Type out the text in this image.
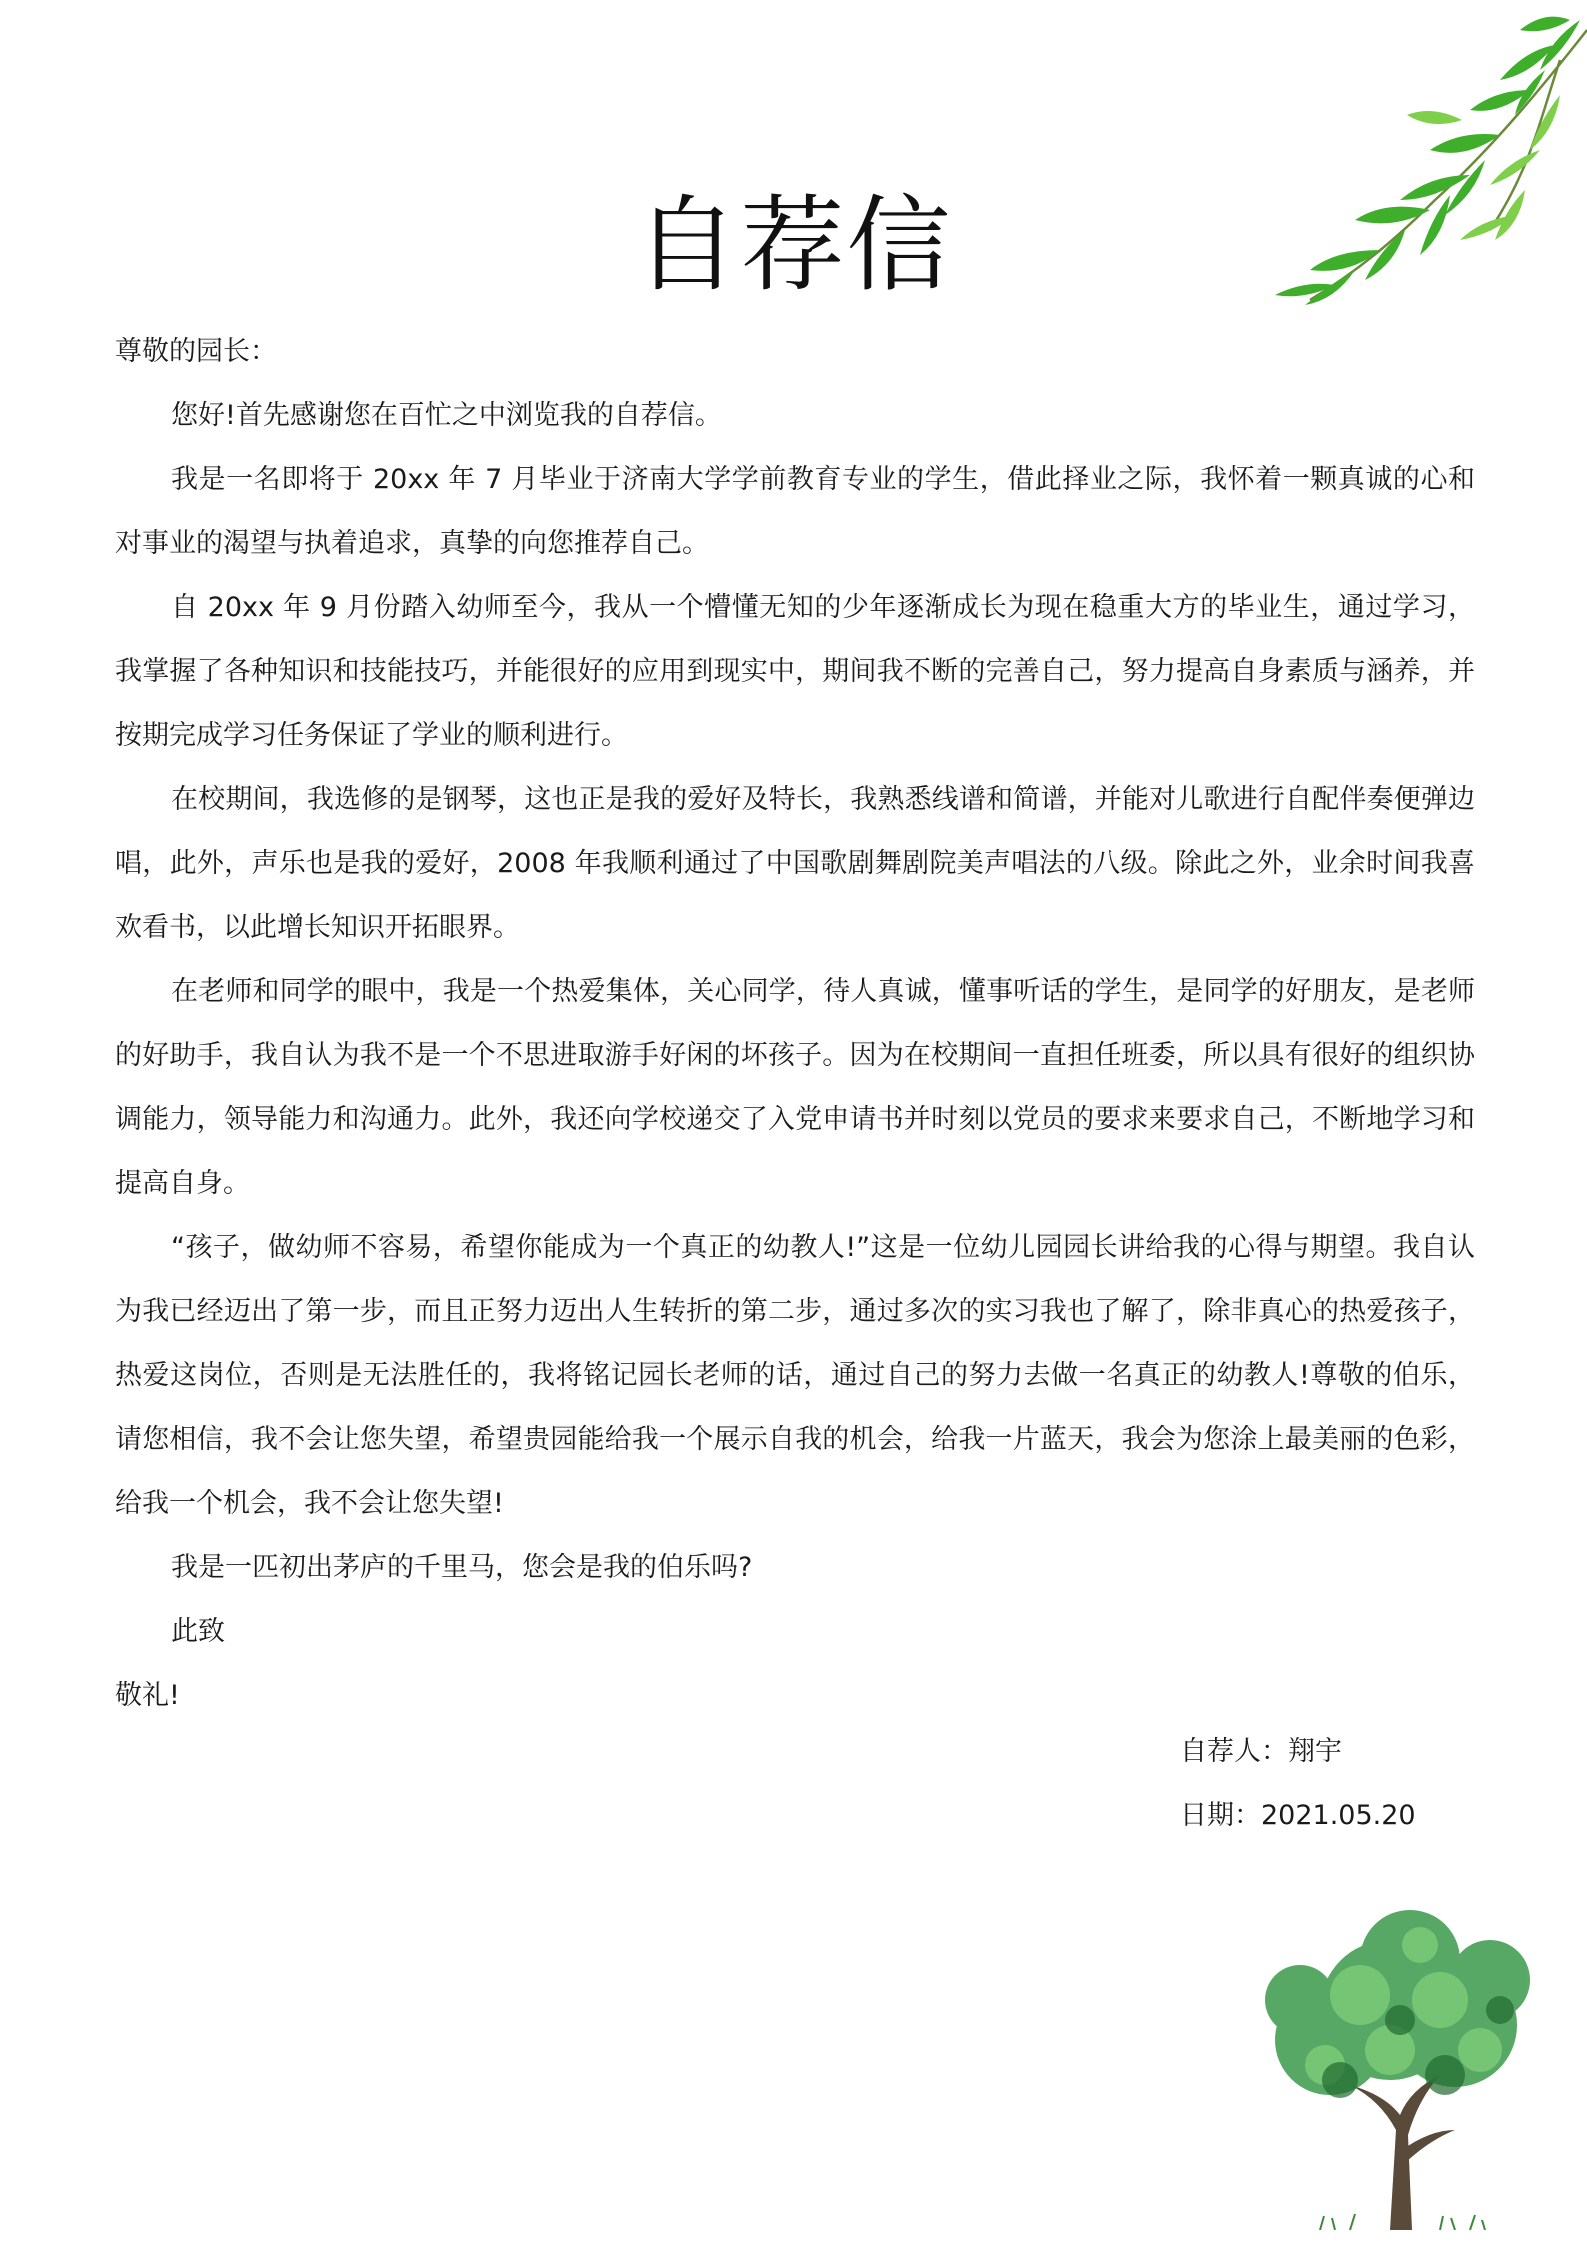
自荐信

尊敬的园长：

您好!首先感谢您在百忙之中浏览我的自荐信。

我是一名即将于 20xx 年 7 月毕业于济南大学学前教育专业的学生，借此择业之际，我怀着一颗真诚的心和对事业的渴望与执着追求，真挚的向您推荐自己。

自 20xx 年 9 月份踏入幼师至今，我从一个懵懂无知的少年逐渐成长为现在稳重大方的毕业生，通过学习，我掌握了各种知识和技能技巧，并能很好的应用到现实中，期间我不断的完善自己，努力提高自身素质与涵养，并按期完成学习任务保证了学业的顺利进行。

在校期间，我选修的是钢琴，这也正是我的爱好及特长，我熟悉线谱和简谱，并能对儿歌进行自配伴奏便弹边唱，此外，声乐也是我的爱好，2008 年我顺利通过了中国歌剧舞剧院美声唱法的八级。除此之外，业余时间我喜欢看书，以此增长知识开拓眼界。

在老师和同学的眼中，我是一个热爱集体，关心同学，待人真诚，懂事听话的学生，是同学的好朋友，是老师的好助手，我自认为我不是一个不思进取游手好闲的坏孩子。因为在校期间一直担任班委，所以具有很好的组织协调能力，领导能力和沟通力。此外，我还向学校递交了入党申请书并时刻以党员的要求来要求自己，不断地学习和提高自身。

“孩子，做幼师不容易，希望你能成为一个真正的幼教人!”这是一位幼儿园园长讲给我的心得与期望。我自认为我已经迈出了第一步，而且正努力迈出人生转折的第二步，通过多次的实习我也了解了，除非真心的热爱孩子，热爱这岗位，否则是无法胜任的，我将铭记园长老师的话，通过自己的努力去做一名真正的幼教人!尊敬的伯乐，请您相信，我不会让您失望，希望贵园能给我一个展示自我的机会，给我一片蓝天，我会为您涂上最美丽的色彩，给我一个机会，我不会让您失望!

我是一匹初出茅庐的千里马，您会是我的伯乐吗?

此致

敬礼!

自荐人：翔宇
日期：2021.05.20
